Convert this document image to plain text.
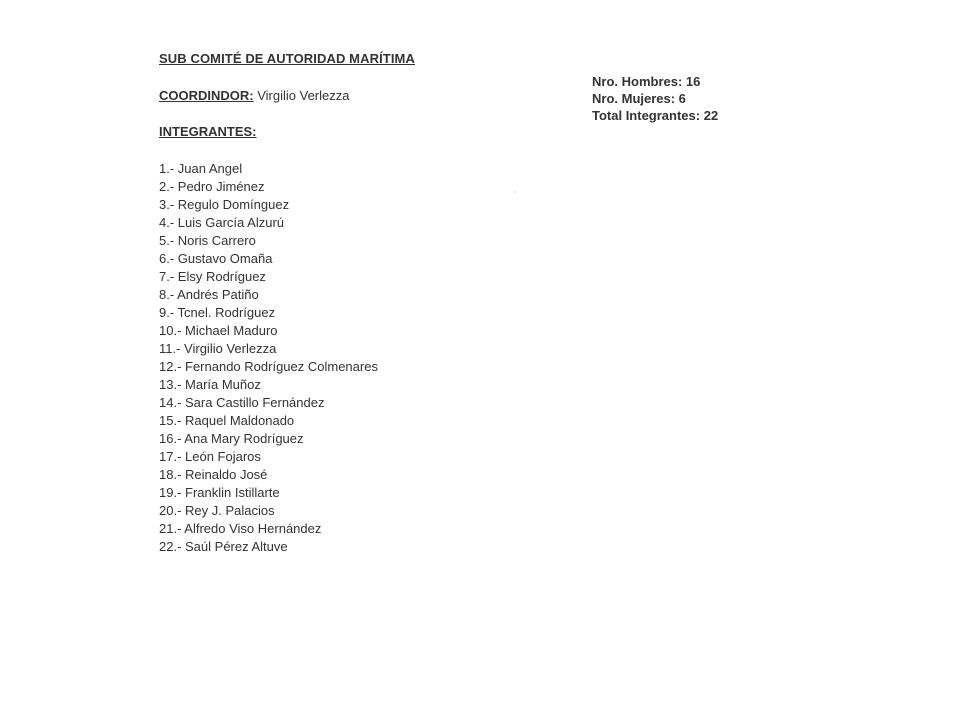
SUB COMITÉ DE AUTORIDAD MARÍTIMA
COORDINDOR: Virgilio Verlezza
INTEGRANTES:
1.- Juan Angel
2.- Pedro Jiménez
3.- Regulo Domínguez
4.- Luis García Alzurú
5.- Noris Carrero
6.- Gustavo Omaña
7.- Elsy Rodríguez
8.- Andrés Patiño
9.- Tcnel. Rodríguez
10.- Michael Maduro
11.- Virgilio Verlezza
12.- Fernando Rodríguez Colmenares
13.- María Muñoz
14.- Sara Castillo Fernández
15.- Raquel Maldonado
16.- Ana Mary Rodríguez
17.- León Fojaros
18.- Reinaldo José
19.- Franklin Istillarte
20.- Rey J. Palacios
21.- Alfredo Viso Hernández
22.- Saúl Pérez Altuve
Nro. Hombres: 16
Nro. Mujeres: 6
Total Integrantes: 22
